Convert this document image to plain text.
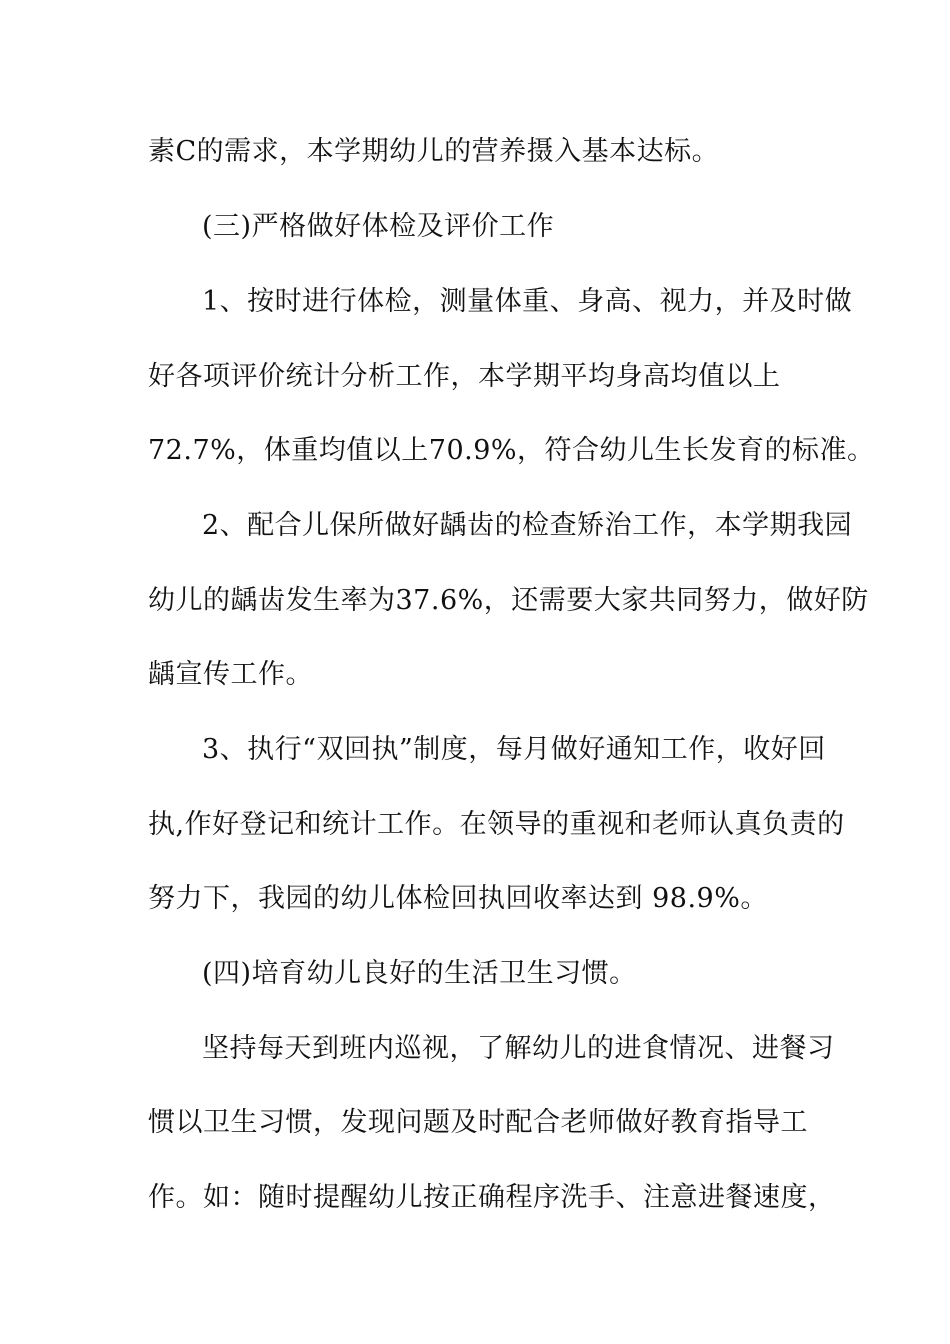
素C的需求，本学期幼儿的营养摄入基本达标。
(三)严格做好体检及评价工作
1、按时进行体检，测量体重、身高、视力，并及时做
好各项评价统计分析工作，本学期平均身高均值以上
72.7%，体重均值以上70.9%，符合幼儿生长发育的标准。
2、配合儿保所做好龋齿的检查矫治工作，本学期我园
幼儿的龋齿发生率为37.6%，还需要大家共同努力，做好防
龋宣传工作。
3、执行“双回执”制度，每月做好通知工作，收好回
执,作好登记和统计工作。在领导的重视和老师认真负责的
努力下，我园的幼儿体检回执回收率达到 98.9%。
(四)培育幼儿良好的生活卫生习惯。
坚持每天到班内巡视，了解幼儿的进食情况、进餐习
惯以卫生习惯，发现问题及时配合老师做好教育指导工
作。如：随时提醒幼儿按正确程序洗手、注意进餐速度，
